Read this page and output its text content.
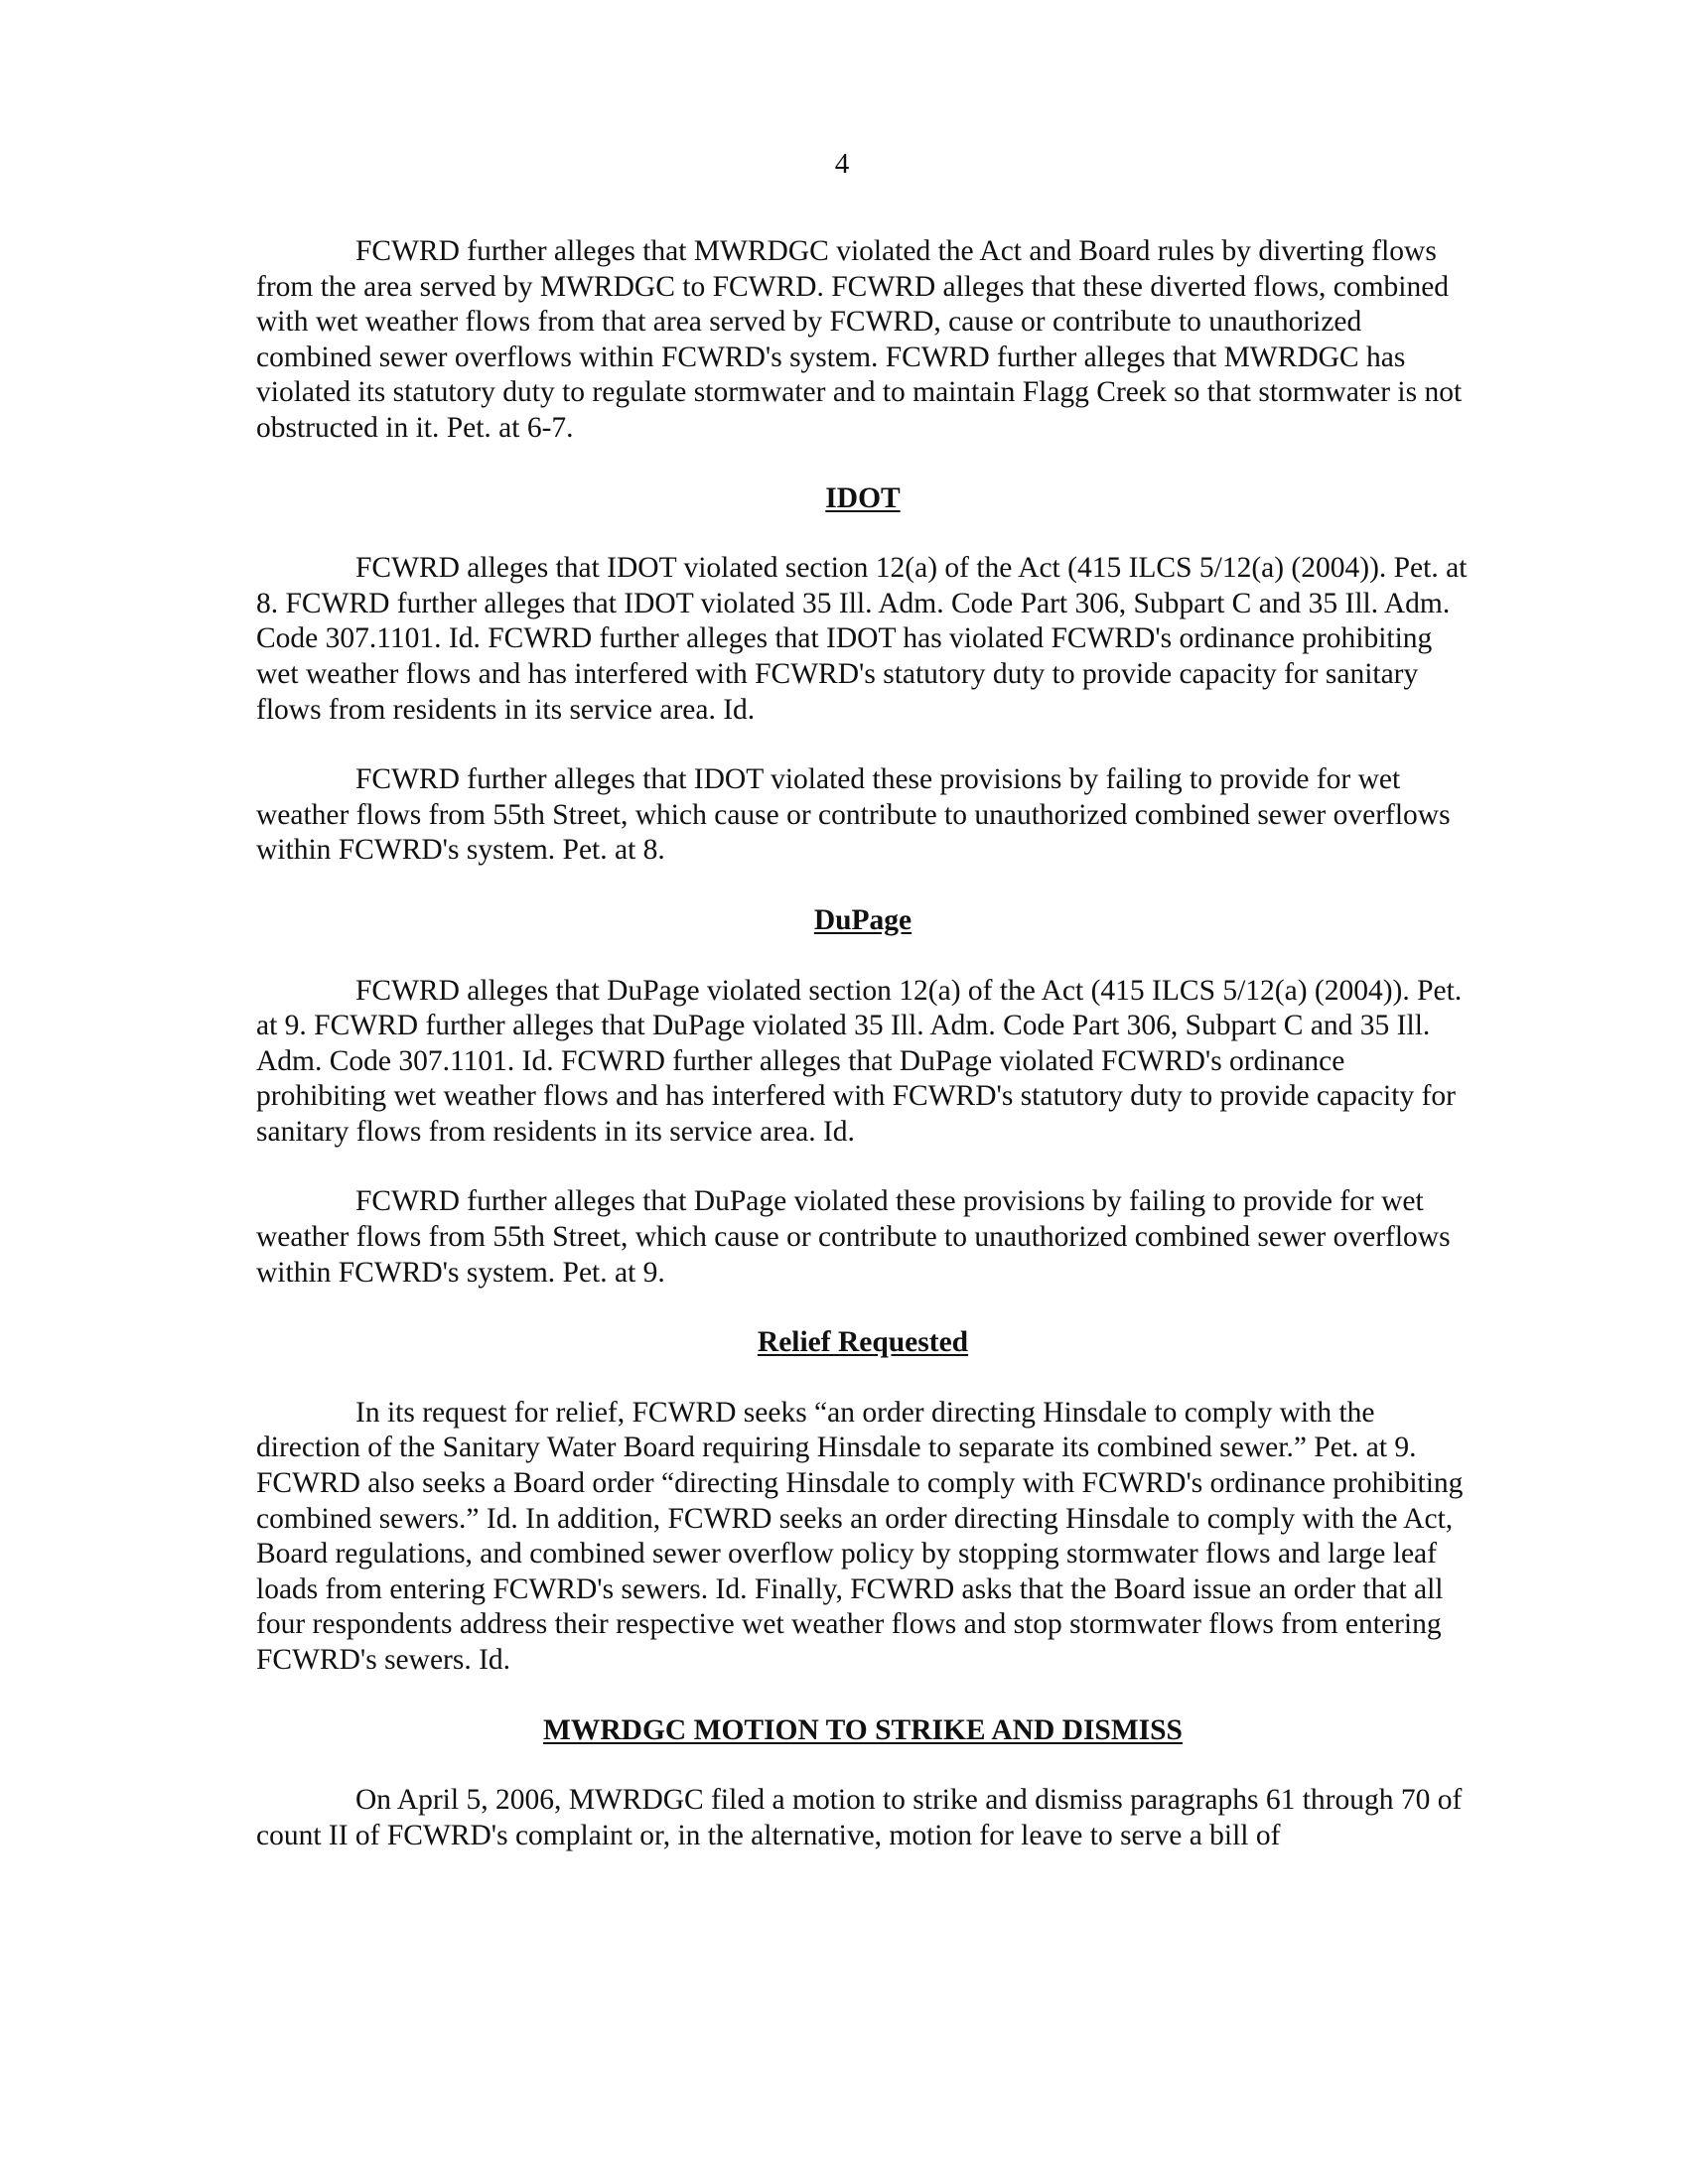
4

FCWRD further alleges that MWRDGC violated the Act and Board rules by diverting flows from the area served by MWRDGC to FCWRD. FCWRD alleges that these diverted flows, combined with wet weather flows from that area served by FCWRD, cause or contribute to unauthorized combined sewer overflows within FCWRD's system. FCWRD further alleges that MWRDGC has violated its statutory duty to regulate stormwater and to maintain Flagg Creek so that stormwater is not obstructed in it. Pet. at 6-7.

IDOT

FCWRD alleges that IDOT violated section 12(a) of the Act (415 ILCS 5/12(a) (2004)). Pet. at 8. FCWRD further alleges that IDOT violated 35 Ill. Adm. Code Part 306, Subpart C and 35 Ill. Adm. Code 307.1101. Id. FCWRD further alleges that IDOT has violated FCWRD's ordinance prohibiting wet weather flows and has interfered with FCWRD's statutory duty to provide capacity for sanitary flows from residents in its service area. Id.

FCWRD further alleges that IDOT violated these provisions by failing to provide for wet weather flows from 55th Street, which cause or contribute to unauthorized combined sewer overflows within FCWRD's system. Pet. at 8.

DuPage

FCWRD alleges that DuPage violated section 12(a) of the Act (415 ILCS 5/12(a) (2004)). Pet. at 9. FCWRD further alleges that DuPage violated 35 Ill. Adm. Code Part 306, Subpart C and 35 Ill. Adm. Code 307.1101. Id. FCWRD further alleges that DuPage violated FCWRD's ordinance prohibiting wet weather flows and has interfered with FCWRD's statutory duty to provide capacity for sanitary flows from residents in its service area. Id.

FCWRD further alleges that DuPage violated these provisions by failing to provide for wet weather flows from 55th Street, which cause or contribute to unauthorized combined sewer overflows within FCWRD's system. Pet. at 9.

Relief Requested

In its request for relief, FCWRD seeks “an order directing Hinsdale to comply with the direction of the Sanitary Water Board requiring Hinsdale to separate its combined sewer.” Pet. at 9. FCWRD also seeks a Board order “directing Hinsdale to comply with FCWRD's ordinance prohibiting combined sewers.” Id. In addition, FCWRD seeks an order directing Hinsdale to comply with the Act, Board regulations, and combined sewer overflow policy by stopping stormwater flows and large leaf loads from entering FCWRD's sewers. Id. Finally, FCWRD asks that the Board issue an order that all four respondents address their respective wet weather flows and stop stormwater flows from entering FCWRD's sewers. Id.

MWRDGC MOTION TO STRIKE AND DISMISS

On April 5, 2006, MWRDGC filed a motion to strike and dismiss paragraphs 61 through 70 of count II of FCWRD's complaint or, in the alternative, motion for leave to serve a bill of
